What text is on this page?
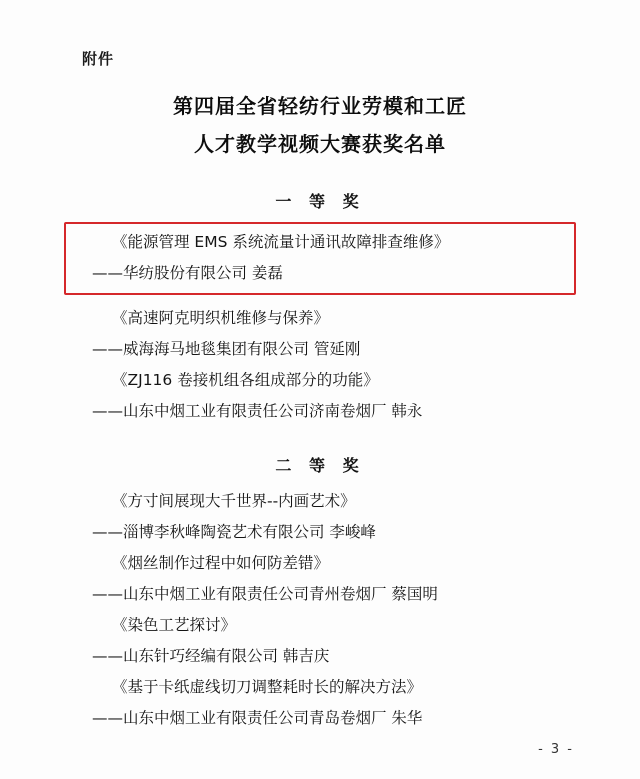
附件
第四届全省轻纺行业劳模和工匠
人才教学视频大赛获奖名单
一 等 奖
《能源管理 EMS 系统流量计通讯故障排查维修》
——华纺股份有限公司 姜磊
《高速阿克明织机维修与保养》
——威海海马地毯集团有限公司 管延刚
《ZJ116 卷接机组各组成部分的功能》
——山东中烟工业有限责任公司济南卷烟厂 韩永
二 等 奖
《方寸间展现大千世界--内画艺术》
——淄博李秋峰陶瓷艺术有限公司 李峻峰
《烟丝制作过程中如何防差错》
——山东中烟工业有限责任公司青州卷烟厂 蔡国明
《染色工艺探讨》
——山东针巧经编有限公司 韩吉庆
《基于卡纸虚线切刀调整耗时长的解决方法》
——山东中烟工业有限责任公司青岛卷烟厂 朱华
- 3 -
